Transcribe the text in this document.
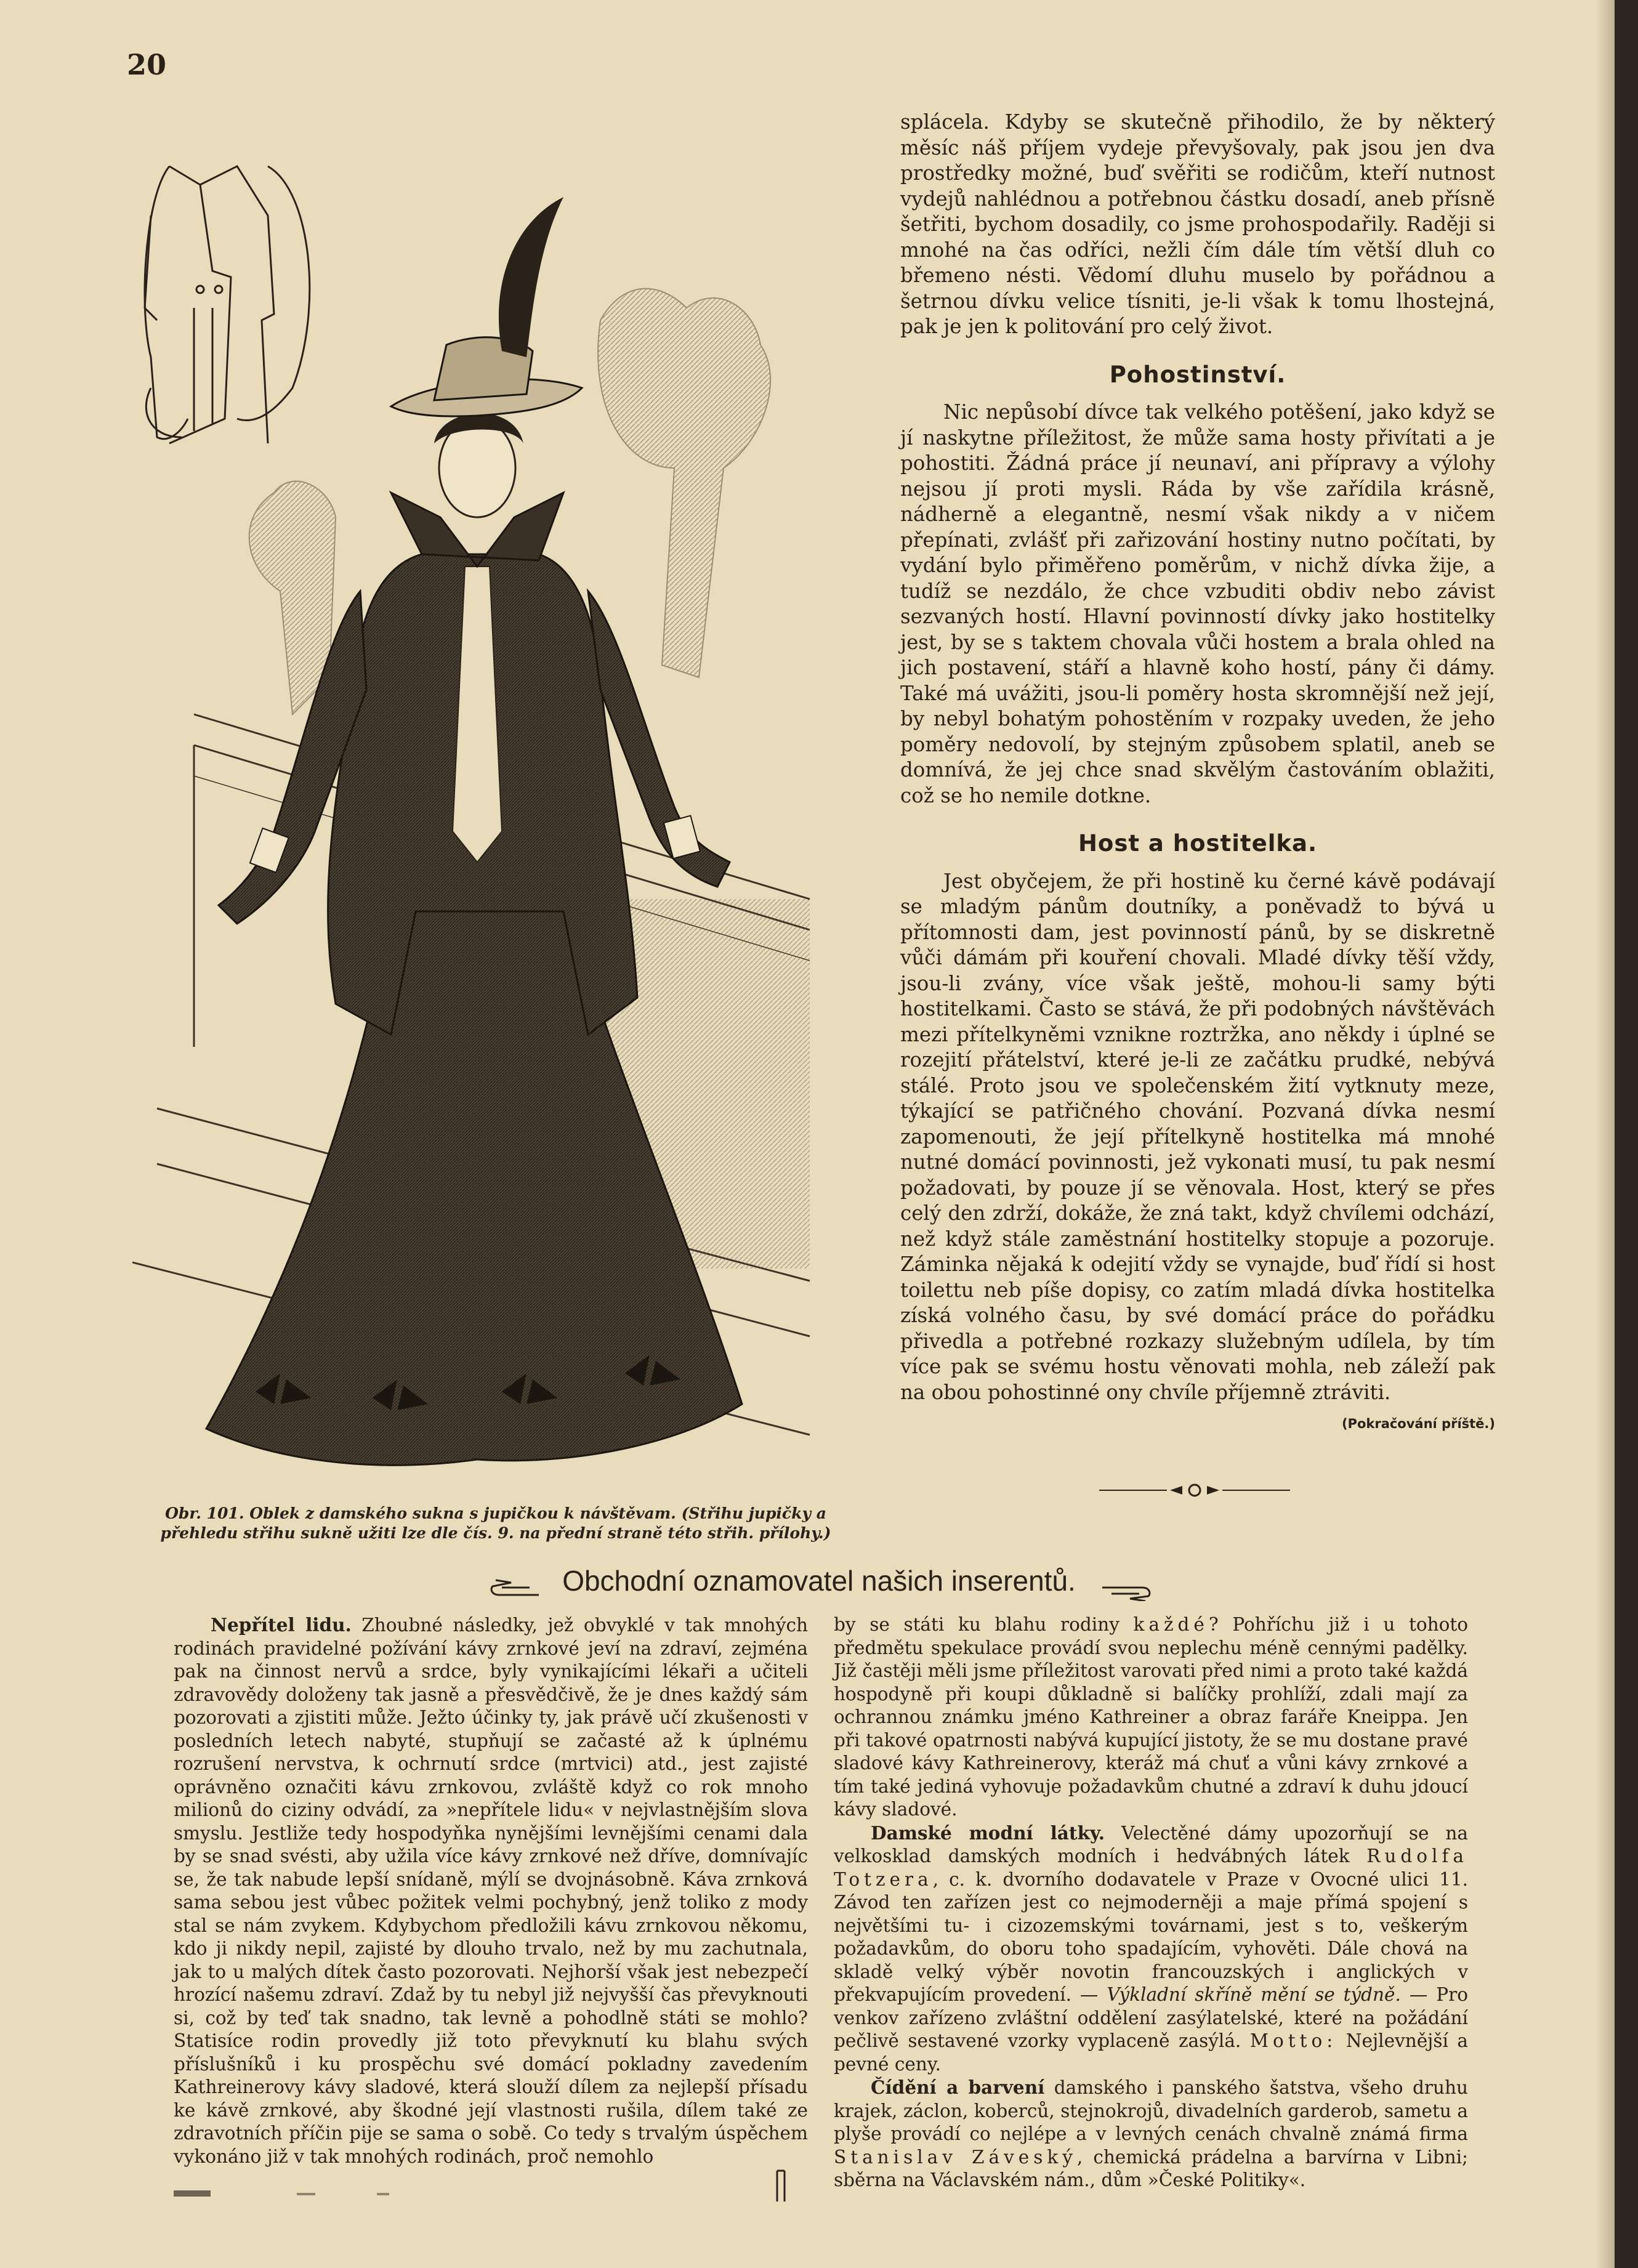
20
Obr. 101. Oblek z damského sukna s jupičkou k návštěvam. (Střihu jupičky a přehledu střihu sukně užiti lze dle čís. 9. na přední straně této střih. přílohy.)

splácela. Kdyby se skutečně přihodilo, že by některý měsíc náš příjem vydeje převyšovaly, pak jsou jen dva prostředky možné, buď svěřiti se rodičům, kteří nutnost vydejů nahlédnou a potřebnou částku dosadí, aneb přísně šetřiti, bychom dosadily, co jsme prohospodařily. Raději si mnohé na čas odříci, nežli čím dále tím větší dluh co břemeno nésti. Vědomí dluhu muselo by pořádnou a šetrnou dívku velice tísniti, je-li však k tomu lhostejná, pak je jen k politování pro celý život.

Pohostinství.

Nic nepůsobí dívce tak velkého potěšení, jako když se jí naskytne příležitost, že může sama hosty přivítati a je pohostiti. Žádná práce jí neunaví, ani přípravy a výlohy nejsou jí proti mysli. Ráda by vše zařídila krásně, nádherně a elegantně, nesmí však nikdy a v ničem přepínati, zvlášť při zařizování hostiny nutno počítati, by vydání bylo přiměřeno poměrům, v nichž dívka žije, a tudíž se nezdálo, že chce vzbuditi obdiv nebo závist sezvaných hostí. Hlavní povinností dívky jako hostitelky jest, by se s taktem chovala vůči hostem a brala ohled na jich postavení, stáří a hlavně koho hostí, pány či dámy. Také má uvážiti, jsou-li poměry hosta skromnější než její, by nebyl bohatým pohostěním v rozpaky uveden, že jeho poměry nedovolí, by stejným způsobem splatil, aneb se domnívá, že jej chce snad skvělým častováním oblažiti, což se ho nemile dotkne.

Host a hostitelka.

Jest obyčejem, že při hostině ku černé kávě podávají se mladým pánům doutníky, a poněvadž to bývá u přítomnosti dam, jest povinností pánů, by se diskretně vůči dámám při kouření chovali. Mladé dívky těší vždy, jsou-li zvány, více však ještě, mohou-li samy býti hostitelkami. Často se stává, že při podobných návštěvách mezi přítelkyněmi vznikne roztržka, ano někdy i úplné se rozejití přátelství, které je-li ze začátku prudké, nebývá stálé. Proto jsou ve společenském žití vytknuty meze, týkající se patřičného chování. Pozvaná dívka nesmí zapomenouti, že její přítelkyně hostitelka má mnohé nutné domácí povinnosti, jež vykonati musí, tu pak nesmí požadovati, by pouze jí se věnovala. Host, který se přes celý den zdrží, dokáže, že zná takt, když chvílemi odchází, než když stále zaměstnání hostitelky stopuje a pozoruje. Záminka nějaká k odejití vždy se vynajde, buď řídí si host toilettu neb píše dopisy, co zatím mladá dívka hostitelka získá volného času, by své domácí práce do pořádku přivedla a potřebné rozkazy služebným udílela, by tím více pak se svému hostu věnovati mohla, neb záleží pak na obou pohostinné ony chvíle příjemně ztráviti.
(Pokračování příště.)

Obchodní oznamovatel našich inserentů.

Nepřítel lidu. Zhoubné následky, jež obvyklé v tak mnohých rodinách pravidelné požívání kávy zrnkové jeví na zdraví, zejména pak na činnost nervů a srdce, byly vynikajícími lékaři a učiteli zdravovědy doloženy tak jasně a přesvědčivě, že je dnes každý sám pozorovati a zjistiti může. Ježto účinky ty, jak právě učí zkušenosti v posledních letech nabyté, stupňují se začasté až k úplnému rozrušení nervstva, k ochrnutí srdce (mrtvici) atd., jest zajisté oprávněno označiti kávu zrnkovou, zvláště když co rok mnoho milionů do ciziny odvádí, za »nepřítele lidu« v nejvlastnějším slova smyslu. Jestliže tedy hospodyňka nynějšími levnějšími cenami dala by se snad svésti, aby užila více kávy zrnkové než dříve, domnívajíc se, že tak nabude lepší snídaně, mýlí se dvojnásobně. Káva zrnková sama sebou jest vůbec požitek velmi pochybný, jenž toliko z mody stal se nám zvykem. Kdybychom předložili kávu zrnkovou někomu, kdo ji nikdy nepil, zajisté by dlouho trvalo, než by mu zachutnala, jak to u malých dítek často pozorovati. Nejhorší však jest nebezpečí hrozící našemu zdraví. Zdaž by tu nebyl již nejvyšší čas převyknouti si, což by teď tak snadno, tak levně a pohodlně státi se mohlo? Statisíce rodin provedly již toto převyknutí ku blahu svých příslušníků i ku prospěchu své domácí pokladny zavedením Kathreinerovy kávy sladové, která slouží dílem za nejlepší přísadu ke kávě zrnkové, aby škodné její vlastnosti rušila, dílem také ze zdravotních příčin pije se sama o sobě. Co tedy s trvalým úspěchem vykonáno již v tak mnohých rodinách, proč nemohlo

by se státi ku blahu rodiny každé? Pohříchu již i u tohoto předmětu spekulace provádí svou neplechu méně cennými padělky. Již častěji měli jsme příležitost varovati před nimi a proto také každá hospodyně při koupi důkladně si balíčky prohlíží, zdali mají za ochrannou známku jméno Kathreiner a obraz faráře Kneippa. Jen při takové opatrnosti nabývá kupující jistoty, že se mu dostane pravé sladové kávy Kathreinerovy, kteráž má chuť a vůni kávy zrnkové a tím také jediná vyhovuje požadavkům chutné a zdraví k duhu jdoucí kávy sladové.

Damské modní látky. Velectěné dámy upozorňují se na velkosklad damských modních i hedvábných látek Rudolfa Totzera, c. k. dvorního dodavatele v Praze v Ovocné ulici 11. Závod ten zařízen jest co nejmoderněji a maje přímá spojení s největšími tu- i cizozemskými továrnami, jest s to, veškerým požadavkům, do oboru toho spadajícím, vyhověti. Dále chová na skladě velký výběr novotin francouzských i anglických v překvapujícím provedení. — Výkladní skříně mění se týdně. — Pro venkov zařízeno zvláštní oddělení zasýlatelské, které na požádání pečlivě sestavené vzorky vyplaceně zasýlá. Motto: Nejlevnější a pevné ceny.

Čídění a barvení damského i panského šatstva, všeho druhu krajek, záclon, koberců, stejnokrojů, divadelních garderob, sametu a plyše provádí co nejlépe a v levných cenách chvalně známá firma Stanislav Záveský, chemická prádelna a barvírna v Libni; sběrna na Václavském nám., dům »České Politiky«.
